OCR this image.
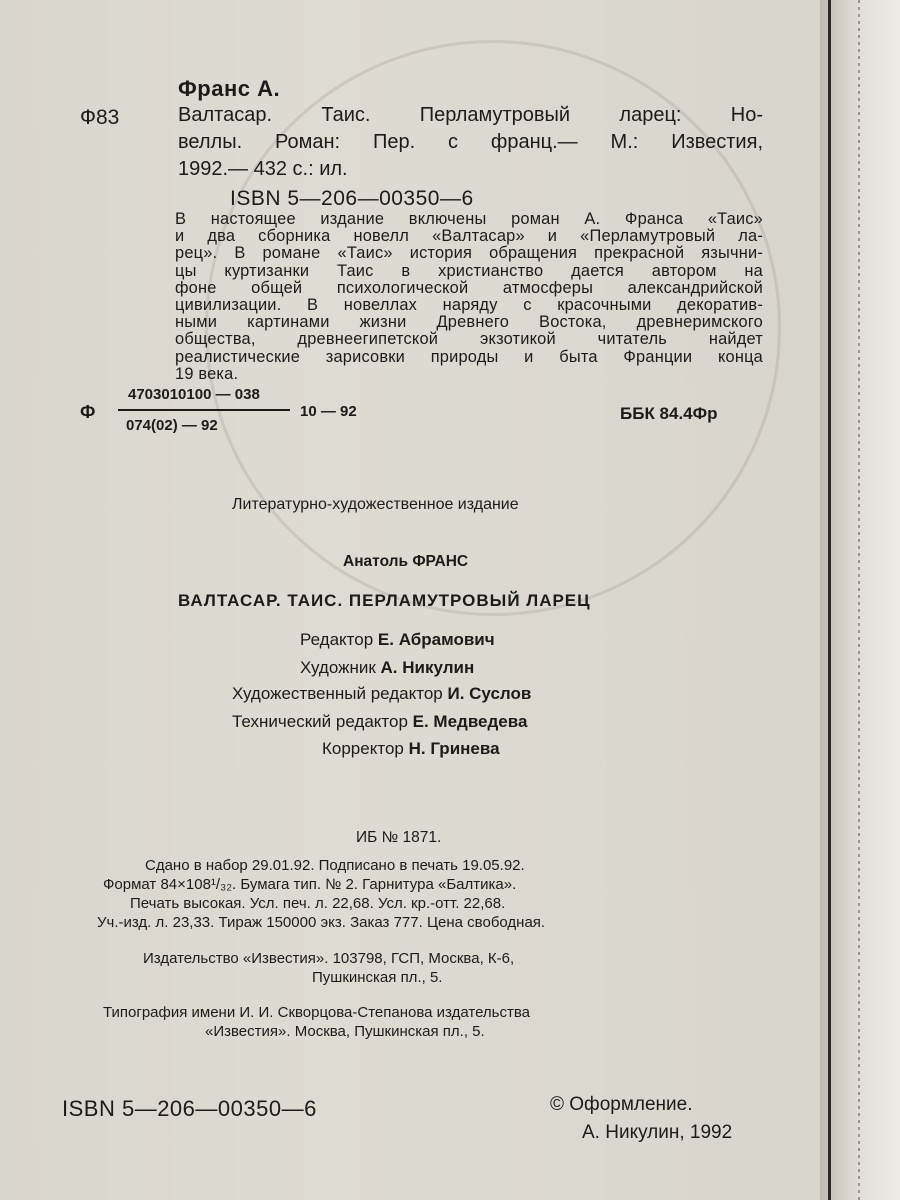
Франс А.
Ф83	Валтасар. Таис. Перламутровый ларец: Но-
веллы. Роман: Пер. с франц.— М.: Известия,
1992.— 432 с.: ил.
ISBN 5—206—00350—6
В настоящее издание включены роман А. Франса «Таис»
и два сборника новелл «Валтасар» и «Перламутровый ла-
рец». В романе «Таис» история обращения прекрасной язычни-
цы куртизанки Таис в христианство дается автором на
фоне общей психологической атмосферы александрийской
цивилизации. В новеллах наряду с красочными декоратив-
ными картинами жизни Древнего Востока, древнеримского
общества, древнеегипетской экзотикой читатель найдет
реалистические зарисовки природы и быта Франции конца
19 века.
Ф
4703010100 — 038
074(02) — 92
10 — 92	ББК 84.4Фр
Литературно-художественное издание
Анатоль ФРАНС
ВАЛТАСАР. ТАИС. ПЕРЛАМУТРОВЫЙ ЛАРЕЦ
Редактор Е. Абрамович
Художник А. Никулин
Художественный редактор И. Суслов
Технический редактор Е. Медведева
Корректор Н. Гринева
ИБ № 1871.
Сдано в набор 29.01.92. Подписано в печать 19.05.92.
Формат 84×108¹/₃₂. Бумага тип. № 2. Гарнитура «Балтика».
Печать высокая. Усл. печ. л. 22,68. Усл. кр.-отт. 22,68.
Уч.-изд. л. 23,33. Тираж 150000 экз. Заказ 777. Цена свободная.
Издательство «Известия». 103798, ГСП, Москва, К-6,
Пушкинская пл., 5.
Типография имени И. И. Скворцова-Степанова издательства
«Известия». Москва, Пушкинская пл., 5.
ISBN 5—206—00350—6	© Оформление.
А. Никулин, 1992
